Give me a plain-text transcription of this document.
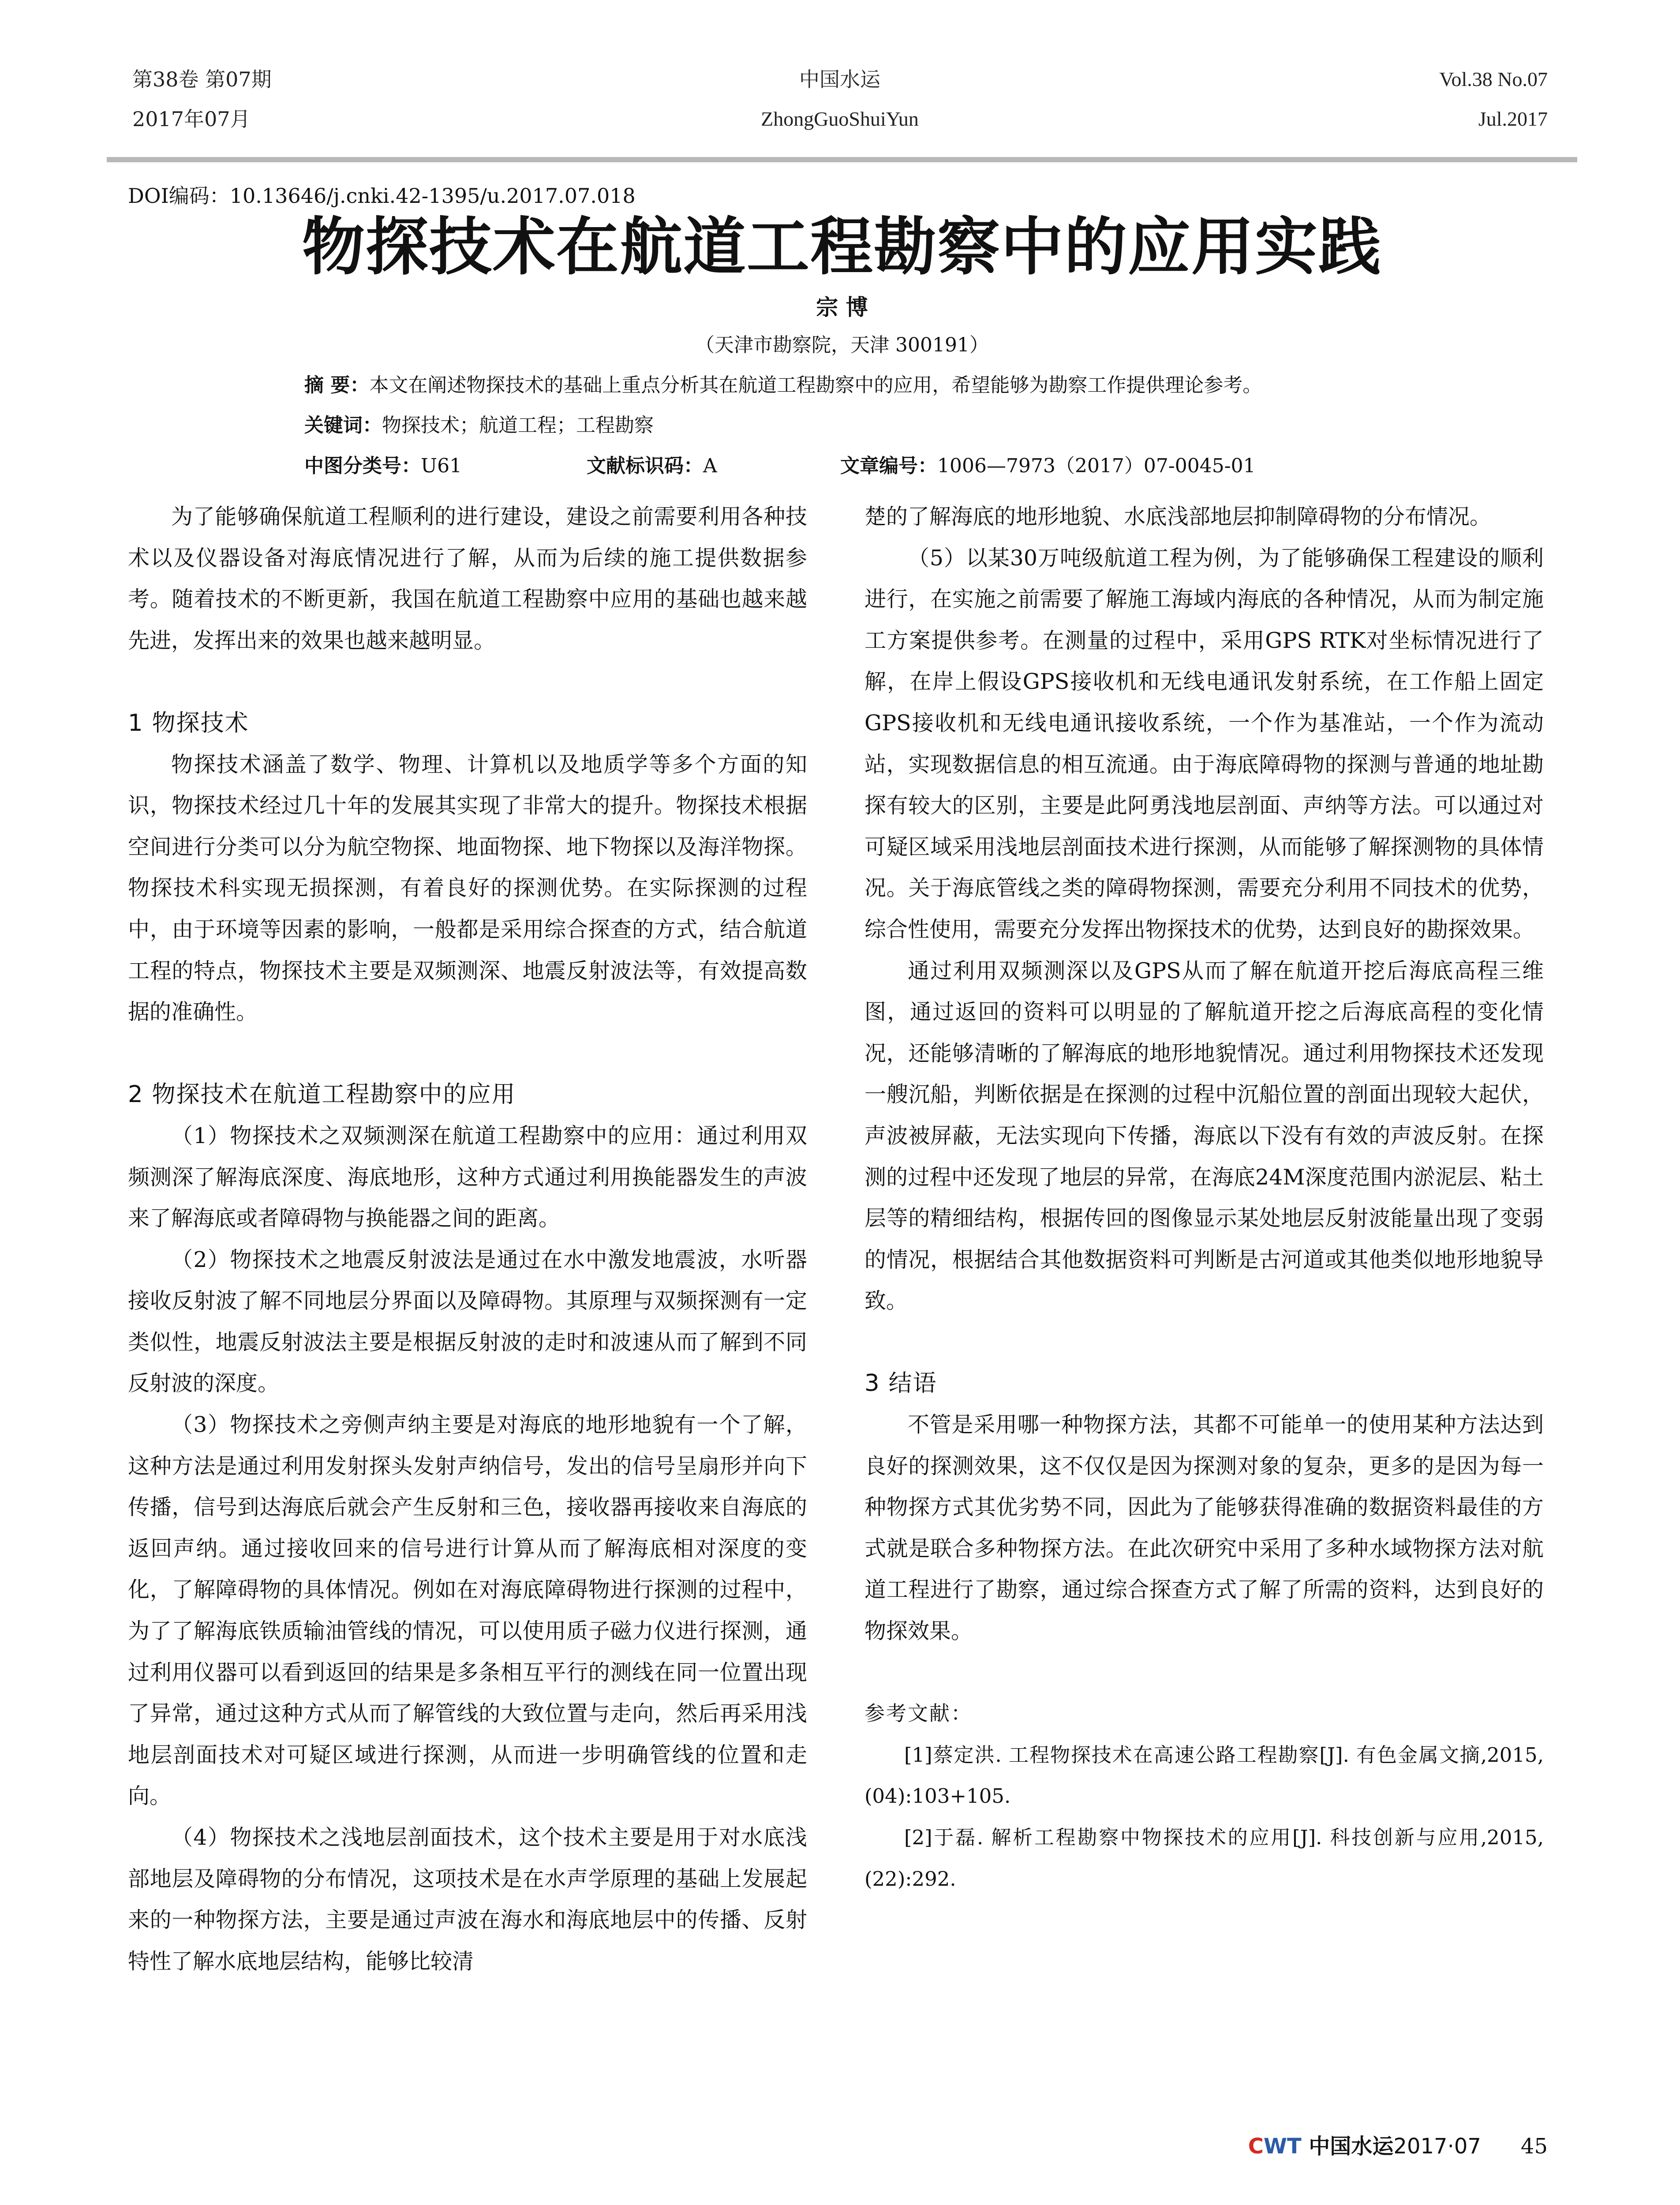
第38卷 第07期
2017年07月
中国水运
ZhongGuoShuiYun
Vol.38 No.07
Jul.2017
DOI编码：10.13646/j.cnki.42-1395/u.2017.07.018
物探技术在航道工程勘察中的应用实践
宗 博
（天津市勘察院，天津 300191）
摘 要：本文在阐述物探技术的基础上重点分析其在航道工程勘察中的应用，希望能够为勘察工作提供理论参考。
关键词：物探技术；航道工程；工程勘察
中图分类号：U61	文献标识码：A	文章编号：1006—7973（2017）07-0045-01

为了能够确保航道工程顺利的进行建设，建设之前需要利用各种技术以及仪器设备对海底情况进行了解，从而为后续的施工提供数据参考。随着技术的不断更新，我国在航道工程勘察中应用的基础也越来越先进，发挥出来的效果也越来越明显。

1 物探技术

物探技术涵盖了数学、物理、计算机以及地质学等多个方面的知识，物探技术经过几十年的发展其实现了非常大的提升。物探技术根据空间进行分类可以分为航空物探、地面物探、地下物探以及海洋物探。物探技术科实现无损探测，有着良好的探测优势。在实际探测的过程中，由于环境等因素的影响，一般都是采用综合探查的方式，结合航道工程的特点，物探技术主要是双频测深、地震反射波法等，有效提高数据的准确性。

2 物探技术在航道工程勘察中的应用

（1）物探技术之双频测深在航道工程勘察中的应用：通过利用双频测深了解海底深度、海底地形，这种方式通过利用换能器发生的声波来了解海底或者障碍物与换能器之间的距离。

（2）物探技术之地震反射波法是通过在水中激发地震波，水听器接收反射波了解不同地层分界面以及障碍物。其原理与双频探测有一定类似性，地震反射波法主要是根据反射波的走时和波速从而了解到不同反射波的深度。

（3）物探技术之旁侧声纳主要是对海底的地形地貌有一个了解，这种方法是通过利用发射探头发射声纳信号，发出的信号呈扇形并向下传播，信号到达海底后就会产生反射和三色，接收器再接收来自海底的返回声纳。通过接收回来的信号进行计算从而了解海底相对深度的变化，了解障碍物的具体情况。例如在对海底障碍物进行探测的过程中，为了了解海底铁质输油管线的情况，可以使用质子磁力仪进行探测，通过利用仪器可以看到返回的结果是多条相互平行的测线在同一位置出现了异常，通过这种方式从而了解管线的大致位置与走向，然后再采用浅地层剖面技术对可疑区域进行探测，从而进一步明确管线的位置和走向。

（4）物探技术之浅地层剖面技术，这个技术主要是用于对水底浅部地层及障碍物的分布情况，这项技术是在水声学原理的基础上发展起来的一种物探方法，主要是通过声波在海水和海底地层中的传播、反射特性了解水底地层结构，能够比较清

楚的了解海底的地形地貌、水底浅部地层抑制障碍物的分布情况。

（5）以某30万吨级航道工程为例，为了能够确保工程建设的顺利进行，在实施之前需要了解施工海域内海底的各种情况，从而为制定施工方案提供参考。在测量的过程中，采用GPS RTK对坐标情况进行了解，在岸上假设GPS接收机和无线电通讯发射系统，在工作船上固定GPS接收机和无线电通讯接收系统，一个作为基准站，一个作为流动站，实现数据信息的相互流通。由于海底障碍物的探测与普通的地址勘探有较大的区别，主要是此阿勇浅地层剖面、声纳等方法。可以通过对可疑区域采用浅地层剖面技术进行探测，从而能够了解探测物的具体情况。关于海底管线之类的障碍物探测，需要充分利用不同技术的优势，综合性使用，需要充分发挥出物探技术的优势，达到良好的勘探效果。

通过利用双频测深以及GPS从而了解在航道开挖后海底高程三维图，通过返回的资料可以明显的了解航道开挖之后海底高程的变化情况，还能够清晰的了解海底的地形地貌情况。通过利用物探技术还发现一艘沉船，判断依据是在探测的过程中沉船位置的剖面出现较大起伏，声波被屏蔽，无法实现向下传播，海底以下没有有效的声波反射。在探测的过程中还发现了地层的异常，在海底24M深度范围内淤泥层、粘土层等的精细结构，根据传回的图像显示某处地层反射波能量出现了变弱的情况，根据结合其他数据资料可判断是古河道或其他类似地形地貌导致。

3 结语

不管是采用哪一种物探方法，其都不可能单一的使用某种方法达到良好的探测效果，这不仅仅是因为探测对象的复杂，更多的是因为每一种物探方式其优劣势不同，因此为了能够获得准确的数据资料最佳的方式就是联合多种物探方法。在此次研究中采用了多种水域物探方法对航道工程进行了勘察，通过综合探查方式了解了所需的资料，达到良好的物探效果。

参考文献：

[1]蔡定洪. 工程物探技术在高速公路工程勘察[J]. 有色金属文摘,2015,(04):103+105.

[2]于磊. 解析工程勘察中物探技术的应用[J]. 科技创新与应用,2015,(22):292.

CWT 中国水运2017·07 45
